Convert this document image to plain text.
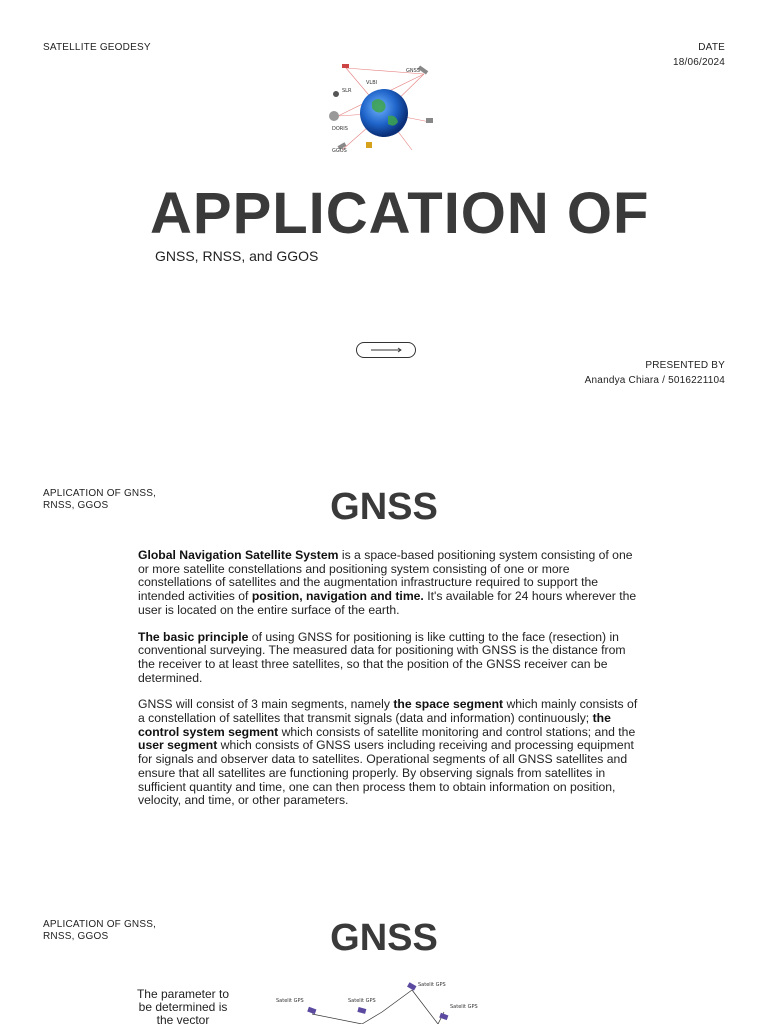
SATELLITE GEODESY	DATE
18/06/2024
GNSS
SLR
VLBI
DORIS
GGOS
APPLICATION OF
GNSS, RNSS, and GGOS
PRESENTED BY
Anandya Chiara / 5016221104
APLICATION OF GNSS,
RNSS, GGOS	GNSS

Global Navigation Satellite System is a space-based positioning system consisting of one or more satellite constellations and positioning system consisting of one or more constellations of satellites and the augmentation infrastructure required to support the intended activities of position, navigation and time. It's available for 24 hours wherever the user is located on the entire surface of the earth.

The basic principle of using GNSS for positioning is like cutting to the face (resection) in conventional surveying. The measured data for positioning with GNSS is the distance from the receiver to at least three satellites, so that the position of the GNSS receiver can be determined.

GNSS will consist of 3 main segments, namely the space segment which mainly consists of a constellation of satellites that transmit signals (data and information) continuously; the control system segment which consists of satellite monitoring and control stations; and the user segment which consists of GNSS users including receiving and processing equipment for signals and observer data to satellites. Operational segments of all GNSS satellites and ensure that all satellites are functioning properly. By observing signals from satellites in sufficient quantity and time, one can then process them to obtain information on position, velocity, and time, or other parameters.

APLICATION OF GNSS,
RNSS, GGOS	GNSS
The parameter to be determined is the vector
Satelit GPS	Satelit GPS
Satelit GPS
Satelit GPS
